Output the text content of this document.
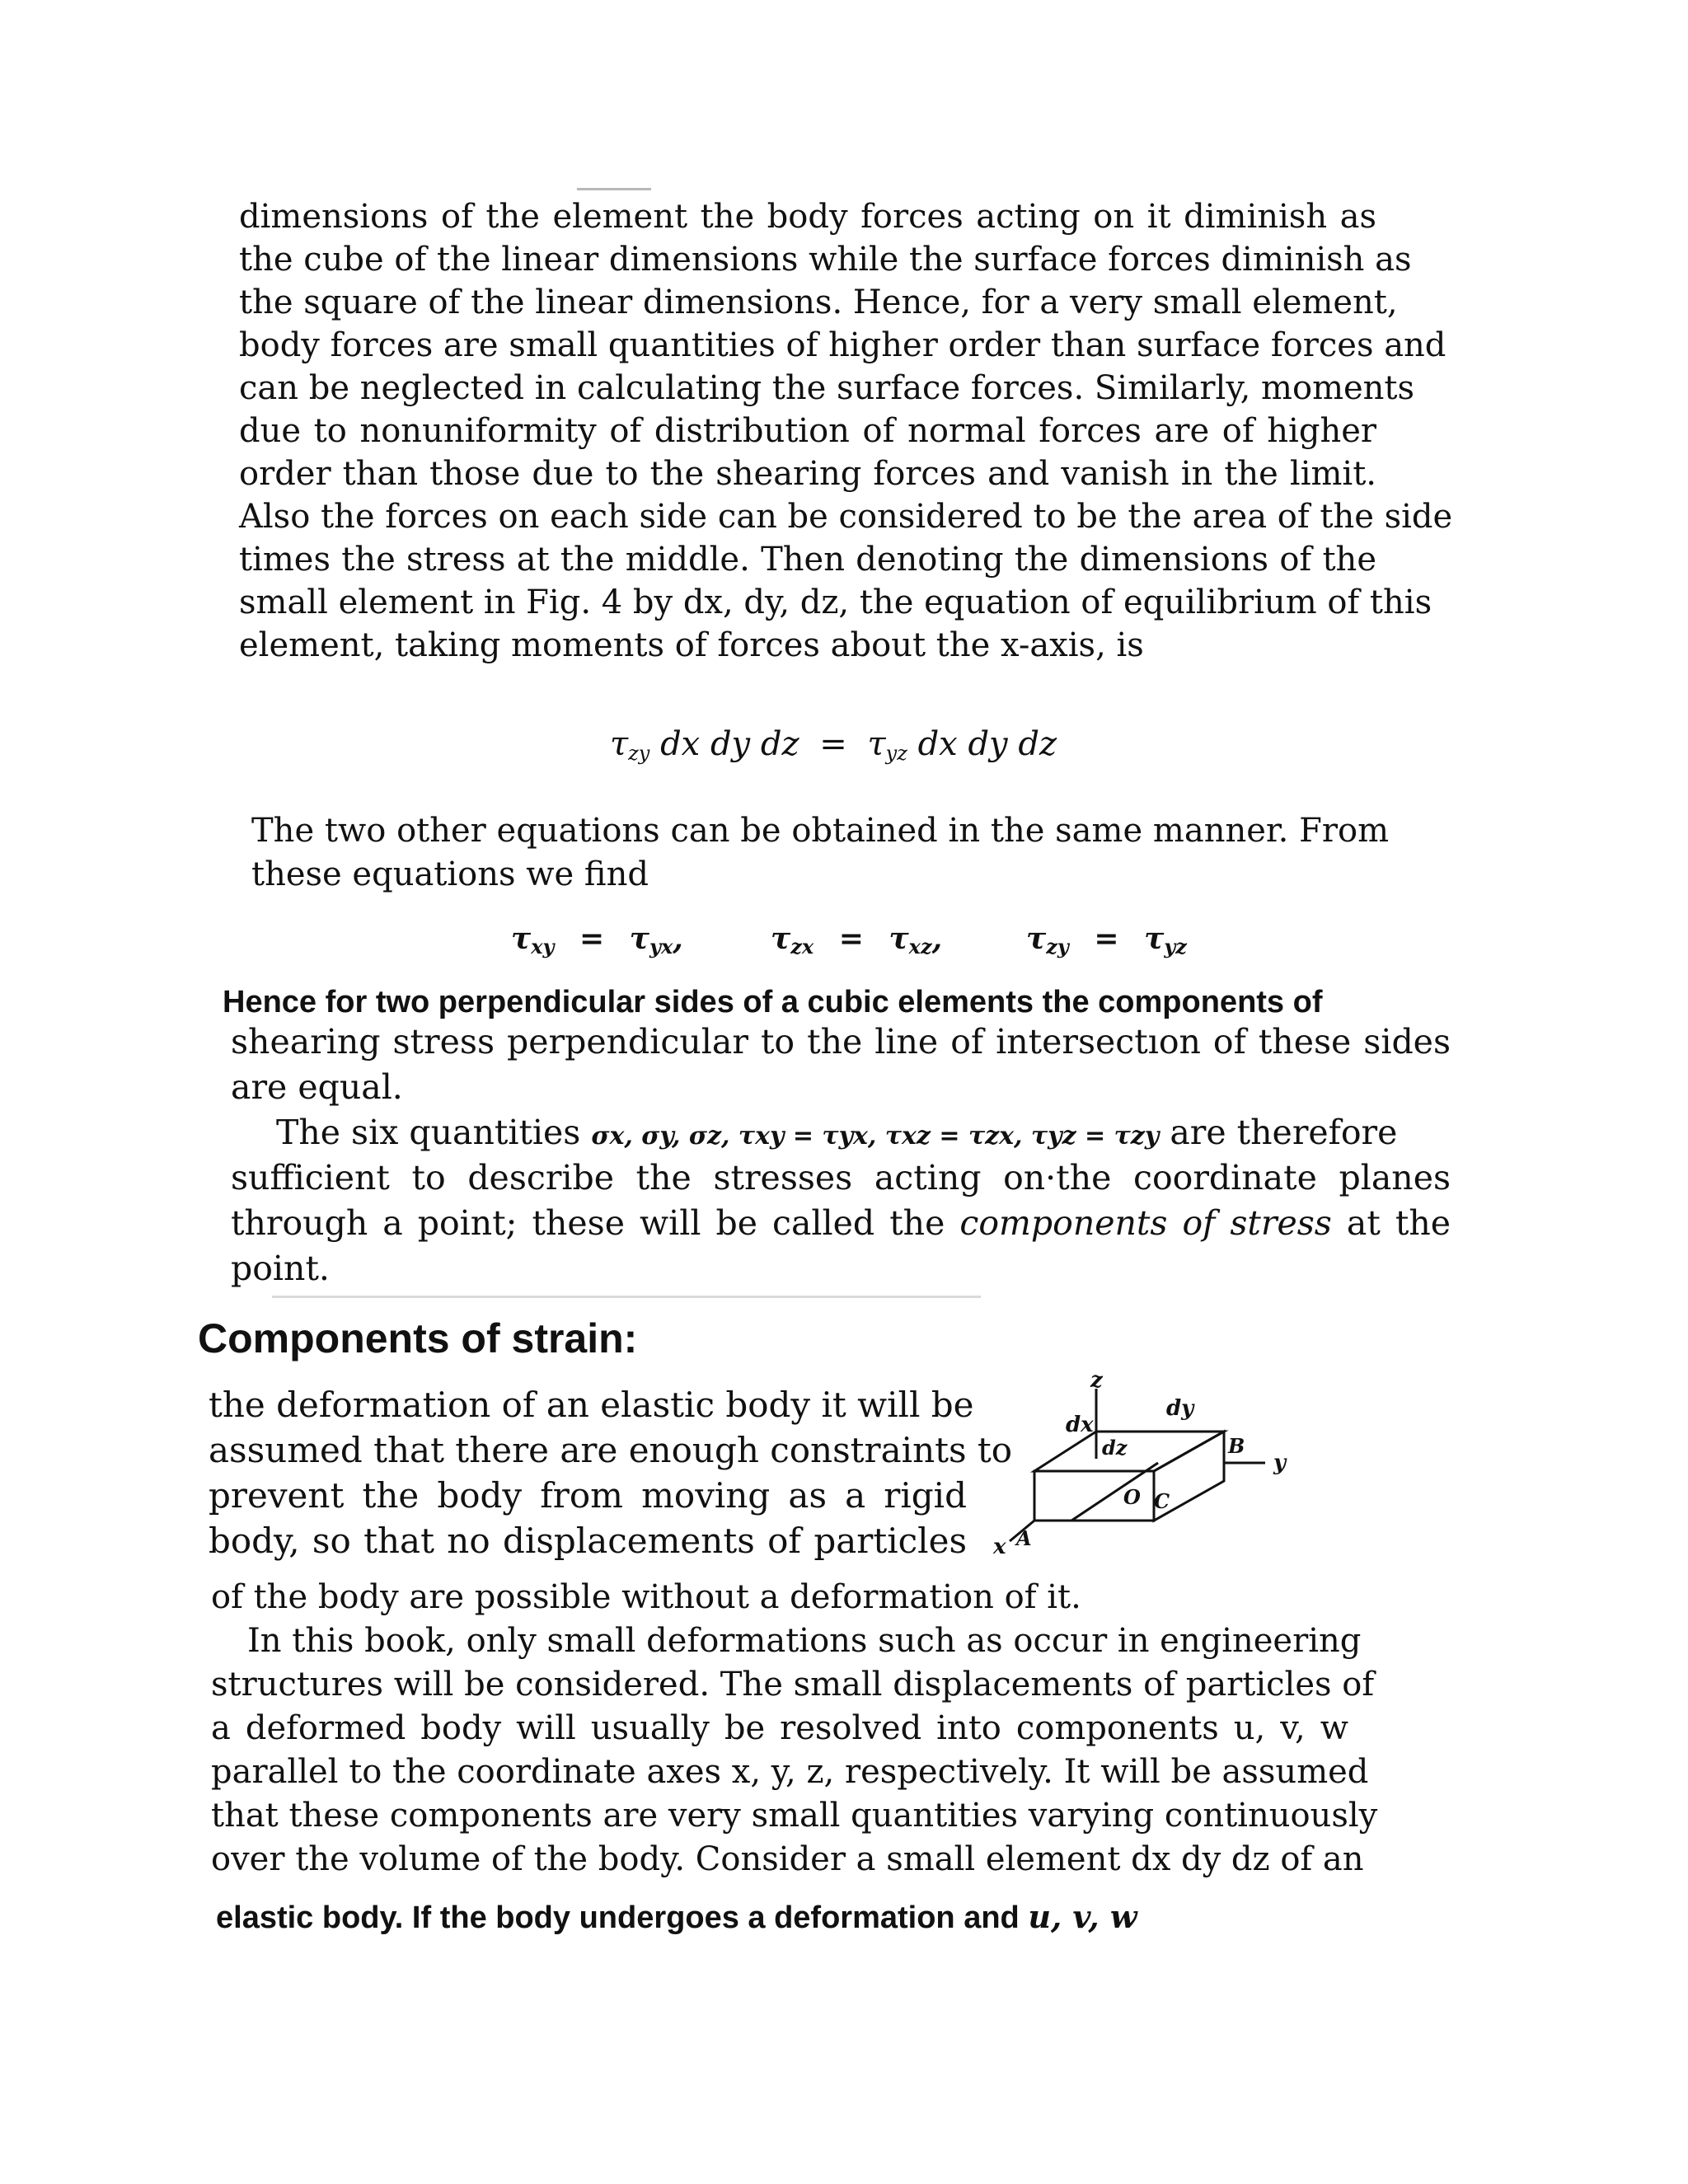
dimensions of the element the body forces acting on it diminish as
the cube of the linear dimensions while the surface forces diminish as
the square of the linear dimensions. Hence, for a very small element,
body forces are small quantities of higher order than surface forces and
can be neglected in calculating the surface forces. Similarly, moments
due to nonuniformity of distribution of normal forces are of higher
order than those due to the shearing forces and vanish in the limit.
Also the forces on each side can be considered to be the area of the side
times the stress at the middle. Then denoting the dimensions of the
small element in Fig. 4 by dx, dy, dz, the equation of equilibrium of this
element, taking moments of forces about the x-axis, is
$\tau_{zy}$ dx dy dz = $\tau_{yz}$ dx dy dz
The two other equations can be obtained in the same manner. From
these equations we find
$\tau_{xy} = \tau_{yx}$,	$\tau_{zx} = \tau_{xz}$,	$\tau_{zy} = \tau_{yz}$
Hence for two perpendicular sides of a cubic elements the components of
shearing stress perpendicular to the line of intersectıon of these sides
are equal.
The six quantities σx, σy, σz, τxy = τyx, τxz = τzx, τyz = τzy are therefore
sufficient to describe the stresses acting on·the coordinate planes
through a point; these will be called the components of stress at the
point.
Components of strain:
the deformation of an elastic body it will be
assumed that there are enough constraints to
prevent the body from moving as a rigid
body, so that no displacements of particles
z
y
x
dx
dy
dz
A
B
C
O
of the body are possible without a deformation of it.
In this book, only small deformations such as occur in engineering
structures will be considered. The small displacements of particles of
a deformed body will usually be resolved into components u, v, w
parallel to the coordinate axes x, y, z, respectively. It will be assumed
that these components are very small quantities varying continuously
over the volume of the body. Consider a small element dx dy dz of an
elastic body. If the body undergoes a deformation and u, v, w
